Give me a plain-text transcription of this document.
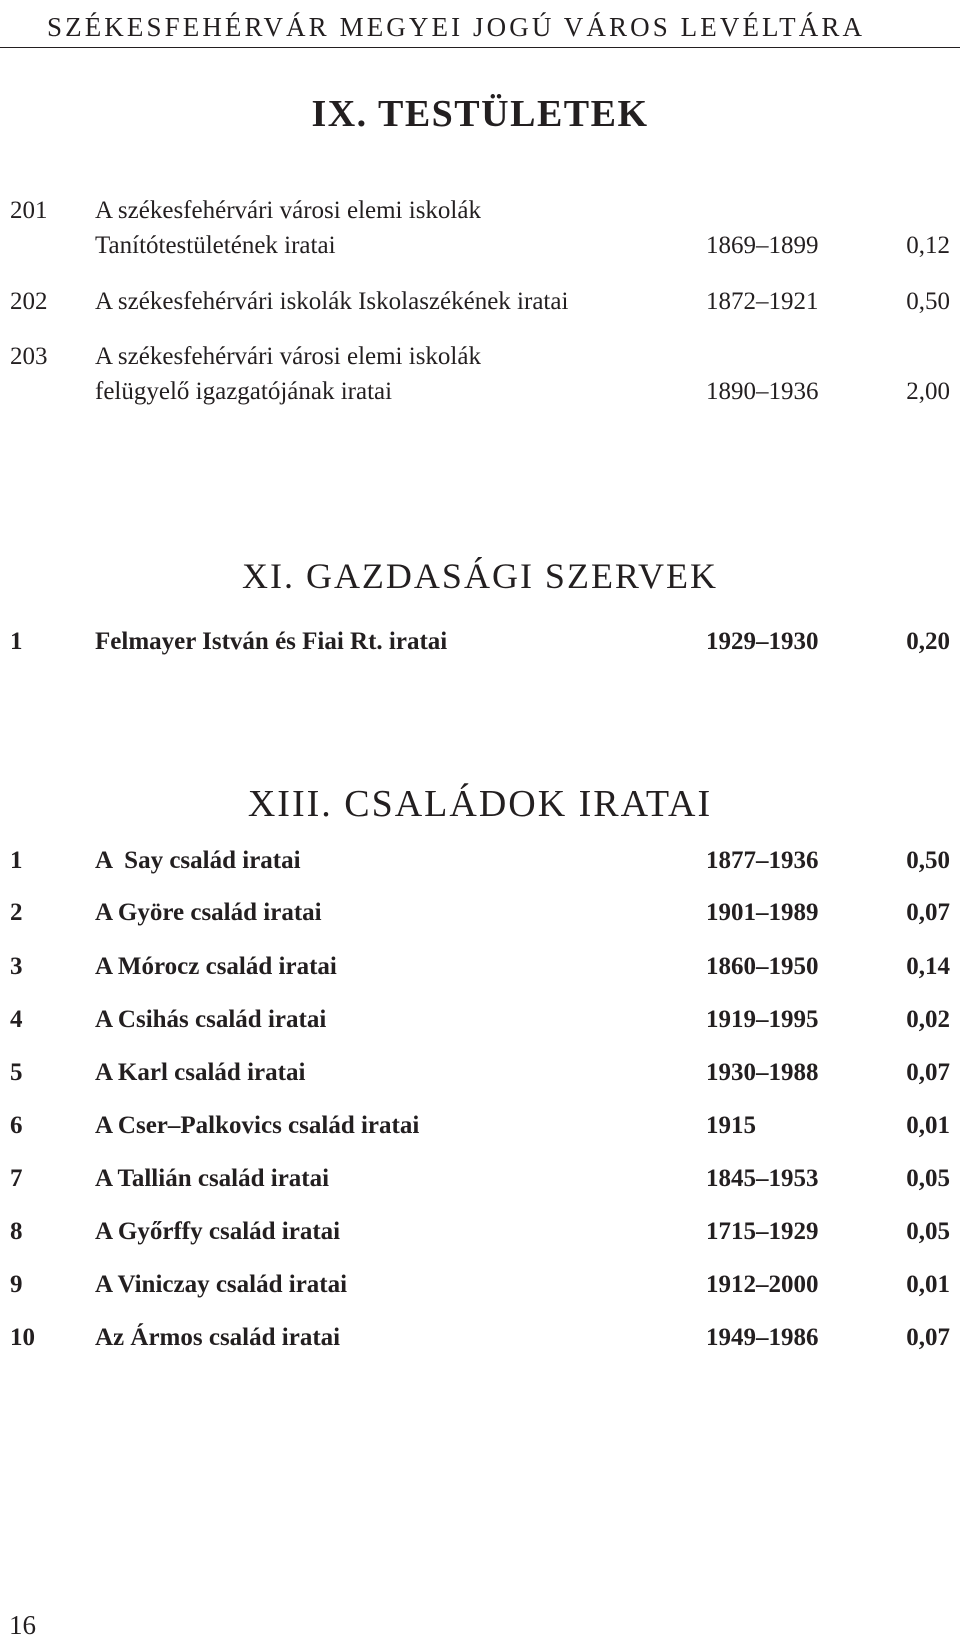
SZÉKESFEHÉRVÁR MEGYEI JOGÚ VÁROS LEVÉLTÁRA
IX. TESTÜLETEK
201 A székesfehérvári városi elemi iskolák
Tanítótestületének iratai	1869–1899	0,12
202 A székesfehérvári iskolák Iskolaszékének iratai	1872–1921	0,50
203 A székesfehérvári városi elemi iskolák
felügyelő igazgatójának iratai	1890–1936	2,00
XI. GAZDASÁGI SZERVEK
1	Felmayer István és Fiai Rt. iratai	1929–1930	0,20
XIII. CSALÁDOK IRATAI
1	A  Say család iratai	1877–1936	0,50
2	A Györe család iratai	1901–1989	0,07
3	A Mórocz család iratai	1860–1950	0,14
4	A Csihás család iratai	1919–1995	0,02
5	A Karl család iratai	1930–1988	0,07
6	A Cser–Palkovics család iratai	1915	0,01
7	A Tallián család iratai	1845–1953	0,05
8	A Győrffy család iratai	1715–1929	0,05
9	A Viniczay család iratai	1912–2000	0,01
10 Az Ármos család iratai	1949–1986	0,07
16
